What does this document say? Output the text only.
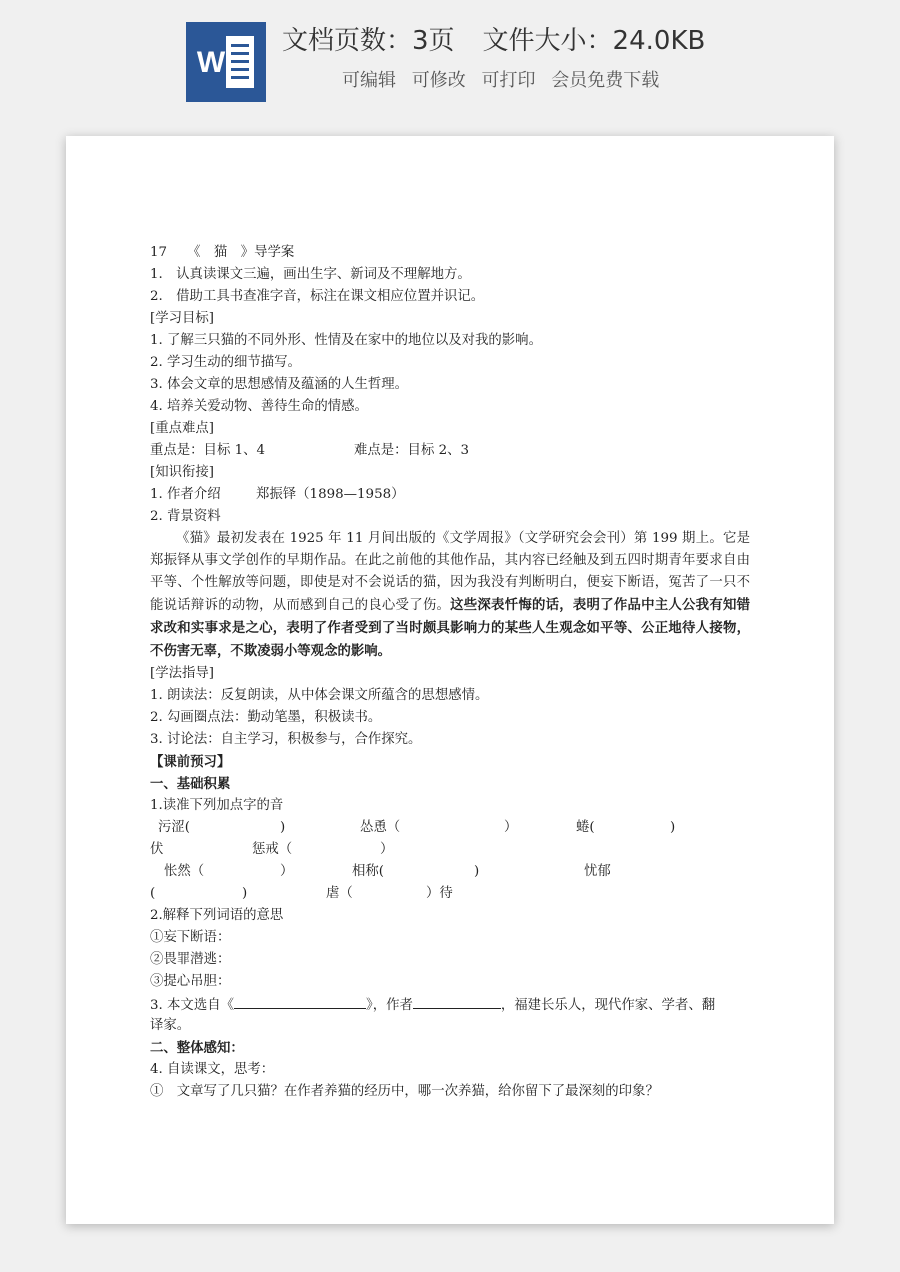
W
文档页数：3页 文件大小：24.0KB
可编辑 可修改 可打印 会员免费下载
17　　《　猫　》导学案
1.　认真读课文三遍，画出生字、新词及不理解地方。
2.　借助工具书查准字音，标注在课文相应位置并识记。
[学习目标]
1. 了解三只猫的不同外形、性情及在家中的地位以及对我的影响。
2. 学习生动的细节描写。
3. 体会文章的思想感情及蕴涵的人生哲理。
4. 培养关爱动物、善待生命的情感。
[重点难点]
重点是：目标 1、4	难点是：目标 2、3
[知识衔接]
1. 作者介绍	郑振铎（1898—1958）
2. 背景资料
《猫》最初发表在 1925 年 11 月间出版的《文学周报》（文学研究会会刊）第 199 期上。它是郑振铎从事文学创作的早期作品。在此之前他的其他作品，其内容已经触及到五四时期青年要求自由平等、个性解放等问题，即使是对不会说话的猫，因为我没有判断明白，便妄下断语，冤苦了一只不能说话辩诉的动物，从而感到自己的良心受了伤。这些深表忏悔的话，表明了作品中主人公我有知错求改和实事求是之心，表明了作者受到了当时颇具影响力的某些人生观念如平等、公正地待人接物，不伤害无辜，不欺凌弱小等观念的影响。
[学法指导]
1. 朗读法：反复朗读，从中体会课文所蕴含的思想感情。
2. 勾画圈点法：勤动笔墨，积极读书。
3. 讨论法：自主学习，积极参与，合作探究。
【课前预习】
一、基础积累
1.读准下列加点字的音
污涩(	)	怂恿（	）	蜷(	)
伏	惩戒（	）
怅然（	）	相称(	)	忧郁
(	)	虐（	）待
2.解释下列词语的意思
①妄下断语：
②畏罪潜逃：
③提心吊胆：
3. 本文选自《	》，作者	，福建长乐人，现代作家、学者、翻
译家。
二、整体感知：
4. 自读课文，思考：
①　文章写了几只猫？在作者养猫的经历中，哪一次养猫，给你留下了最深刻的印象？
